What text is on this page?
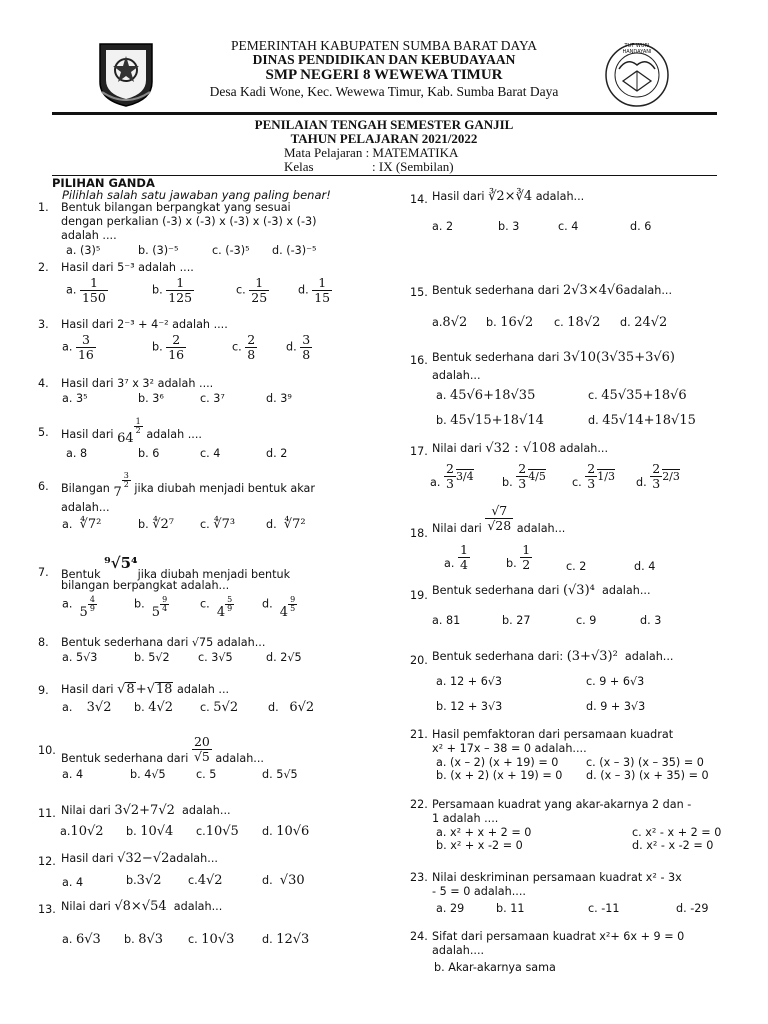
TUT WURI HANDAYANI
PEMERINTAH KABUPATEN SUMBA BARAT DAYA
DINAS PENDIDIKAN DAN KEBUDAYAAN
SMP NEGERI 8 WEWEWA TIMUR
Desa Kadi Wone, Kec. Wewewa Timur, Kab. Sumba Barat Daya
PENILAIAN TENGAH SEMESTER GANJIL
TAHUN PELAJARAN 2021/2022
Mata Pelajaran : MATEMATIKA
Kelas	: IX (Sembilan)
PILIHAN GANDA
Pilihlah salah satu jawaban yang paling benar!
1. Bentuk bilangan berpangkat yang sesuai
dengan perkalian (-3) x (-3) x (-3) x (-3) x (-3)
adalah ....
a. (3)⁵	b. (3)⁻⁵	c. (-3)⁵ d. (-3)⁻⁵
2. Hasil dari 5⁻³ adalah ....
a. $\frac{1}{150}$	b. $\frac{1}{125}$	c. $\frac{1}{25}$	d. $\frac{1}{15}$
3. Hasil dari 2⁻³ + 4⁻² adalah ....
a. $\frac{3}{16}$	b. $\frac{2}{16}$	c. $\frac{2}{8}$	d. $\frac{3}{8}$
4. Hasil dari 3⁷ x 3² adalah ....
a. 3⁵	b. 3⁶	c. 3⁷	d. 3⁹
5. Hasil dari 64
$\frac{1}{2}$ adalah ....
a. 8	b. 6	c. 4	d. 2
6. Bilangan 7
$\frac{3}{2}$ jika diubah menjadi bentuk akar
adalah...
a. ∜7²	b. ∜2⁷ c. ∜7³	d. ∜7²
7. Bentuk ⁹√5⁴jika diubah menjadi bentuk
bilangan berpangkat adalah...
a.  $5 \frac{4}{9}$	b.  $5 \frac{9}{4}$	c.  $4 \frac{5}{9} d$.  $4 \frac{9}{5}$
8. Bentuk sederhana dari √75 adalah...
a. 5√3	b. 5√2	c. 3√5	d. 2√5
9. Hasil dari √8+√18 adalah ...
a. 3√2 b. 4√2 c. 5√2	d. 6√2
10.
Bentuk sederhana dari $\frac{20}{√5}$ adalah...
a. 4	b. 4√5	c. 5	d. 5√5
11. Nilai dari 3√2+7√2 adalah...
a.10√2 b. 10√4 c.10√5 d. 10√6
12. Hasil dari √32−√2adalah...
a. 4	b.3√2 c.4√2	d. √30
13. Nilai dari √8×√54 adalah...
a. 6√3 b. 8√3 c. 10√3 d. 12√3
14. Hasil dari ∛2×∛4 adalah...
a. 2	b. 3	c. 4	d. 6
15. Bentuk sederhana dari 2√3×4√6adalah...
a.8√2 b. 16√2 c. 18√2 d. 24√2
16. Bentuk sederhana dari 3√10(3√35+3√6)
adalah...
a. 45√6+18√35	c. 45√35+18√6
b. 45√15+18√14	d. 45√14+18√15
17. Nilai dari √32 : √108 adalah...
a. $\frac{2}{3} 3/4$	b. $\frac{2}{3} 4/5$ c. $\frac{2}{3} 1/3$ d. $\frac{2}{3} 2/3$
18. Nilai dari $\frac{√7}{√28}$ adalah...
a. $\frac{1}{4}$	b. $\frac{1}{2}$	c. 2	d. 4
19. Bentuk sederhana dari (√3)⁴ adalah...
a. 81	b. 27	c. 9	d. 3
20. Bentuk sederhana dari: (3+√3)² adalah...
a. 12 + 6√3	c. 9 + 6√3
b. 12 + 3√3	d. 9 + 3√3
21. Hasil pemfaktoran dari persamaan kuadrat
x² + 17x – 38 = 0 adalah....
a. (x – 2) (x + 19) = 0 c. (x – 3) (x – 35) = 0
b. (x + 2) (x + 19) = 0 d. (x – 3) (x + 35) = 0
22. Persamaan kuadrat yang akar-akarnya 2 dan -
1 adalah ....
a. x² + x + 2 = 0	c. x² - x + 2 = 0
b. x² + x -2 = 0	d. x² - x -2 = 0
23. Nilai deskriminan persamaan kuadrat x² - 3x
- 5 = 0 adalah....
a. 29	b. 11	c. -11	d. -29
24. Sifat dari persamaan kuadrat x²+ 6x + 9 = 0
adalah....
b. Akar-akarnya sama
